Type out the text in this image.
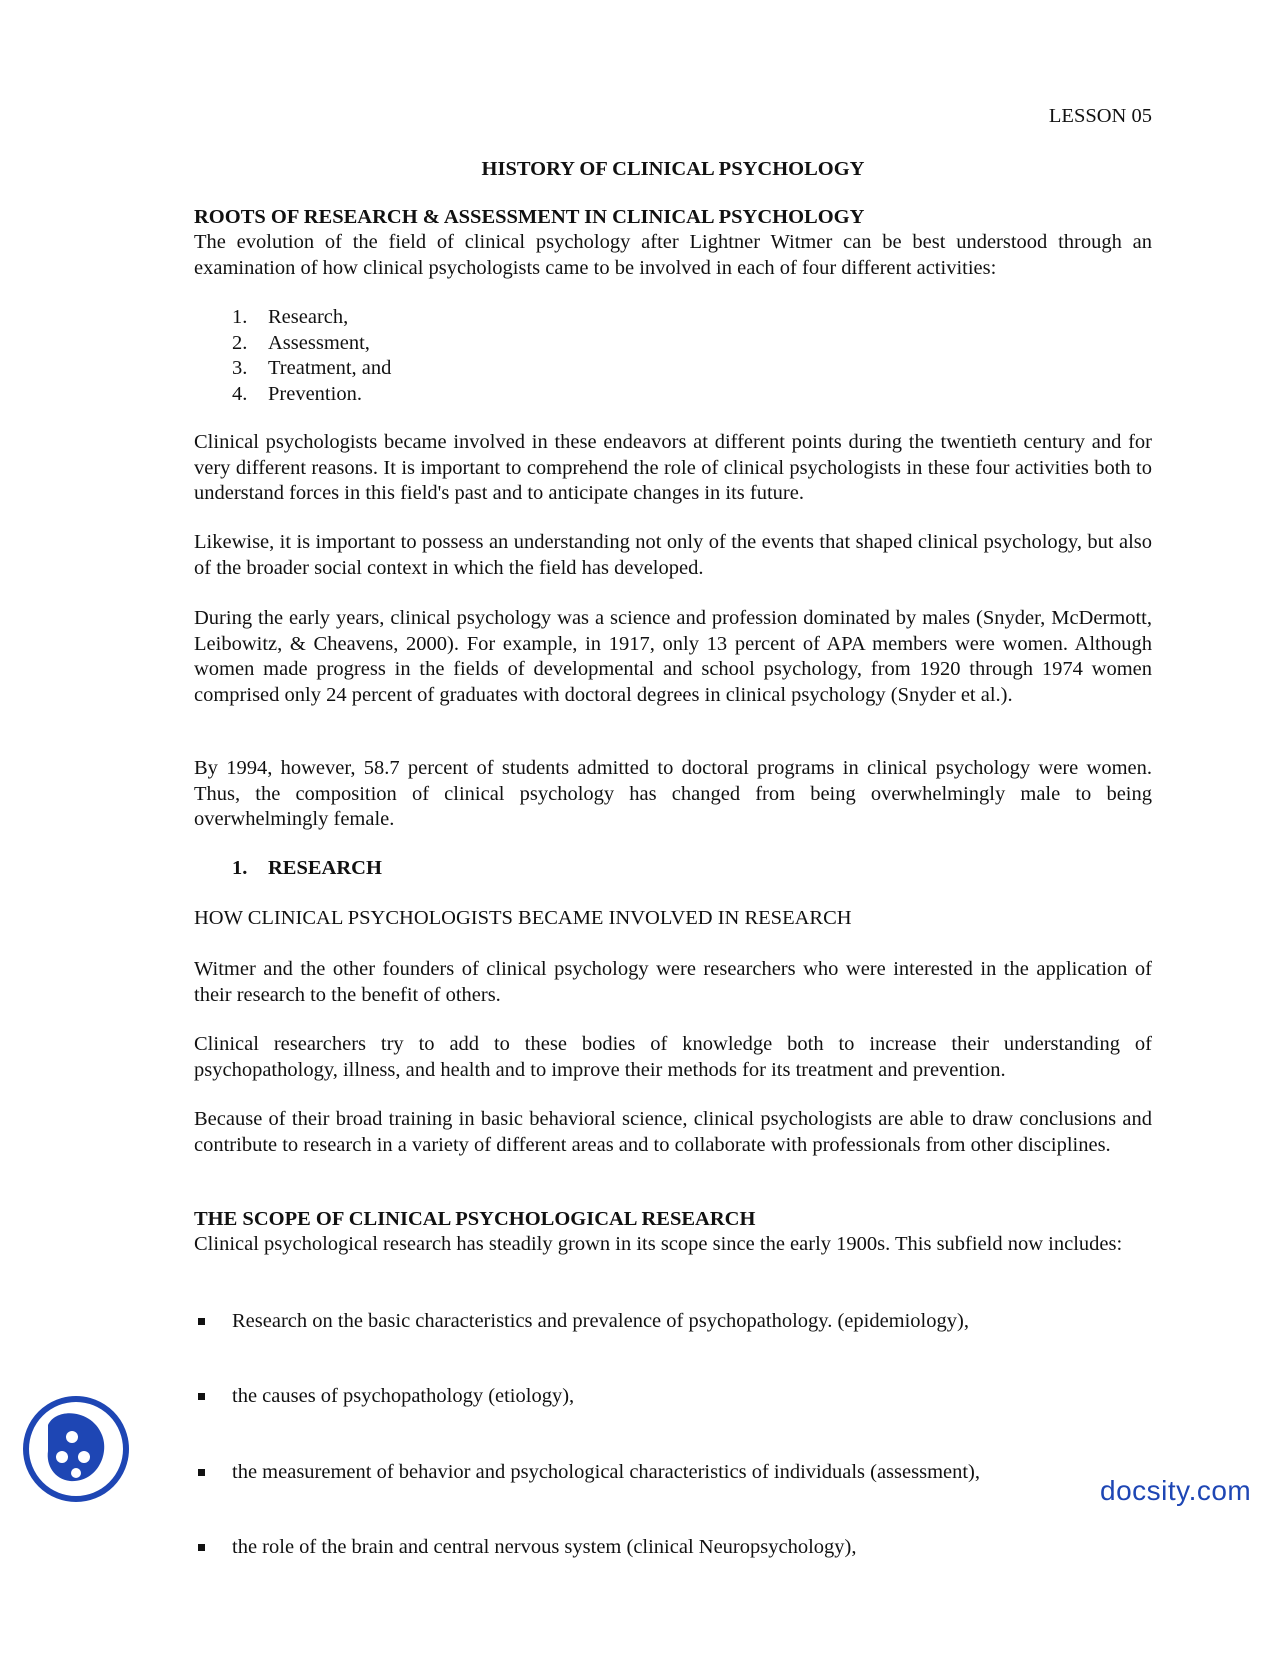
LESSON 05
HISTORY OF CLINICAL PSYCHOLOGY
ROOTS OF RESEARCH & ASSESSMENT IN CLINICAL PSYCHOLOGY
The evolution of the field of clinical psychology after Lightner Witmer can be best understood through an examination of how clinical psychologists came to be involved in each of four different activities:
1. Research,
2. Assessment,
3. Treatment, and
4. Prevention.
Clinical psychologists became involved in these endeavors at different points during the twentieth century and for very different reasons. It is important to comprehend the role of clinical psychologists in these four activities both to understand forces in this field's past and to anticipate changes in its future.
Likewise, it is important to possess an understanding not only of the events that shaped clinical psychology, but also of the broader social context in which the field has developed.
During the early years, clinical psychology was a science and profession dominated by males (Snyder, McDermott, Leibowitz, & Cheavens, 2000). For example, in 1917, only 13 percent of APA members were women. Although women made progress in the fields of developmental and school psychology, from 1920 through 1974 women comprised only 24 percent of graduates with doctoral degrees in clinical psychology (Snyder et al.).
By 1994, however, 58.7 percent of students admitted to doctoral programs in clinical psychology were women. Thus, the composition of clinical psychology has changed from being overwhelmingly male to being overwhelmingly female.
1. RESEARCH
HOW CLINICAL PSYCHOLOGISTS BECAME INVOLVED IN RESEARCH
Witmer and the other founders of clinical psychology were researchers who were interested in the application of their research to the benefit of others.
Clinical researchers try to add to these bodies of knowledge both to increase their understanding of psychopathology, illness, and health and to improve their methods for its treatment and prevention.
Because of their broad training in basic behavioral science, clinical psychologists are able to draw conclusions and contribute to research in a variety of different areas and to collaborate with professionals from other disciplines.
THE SCOPE OF CLINICAL PSYCHOLOGICAL RESEARCH
Clinical psychological research has steadily grown in its scope since the early 1900s. This subfield now includes:
Research on the basic characteristics and prevalence of psychopathology. (epidemiology),
the causes of psychopathology (etiology),
the measurement of behavior and psychological characteristics of individuals (assessment),
the role of the brain and central nervous system (clinical Neuropsychology),
docsity.com
